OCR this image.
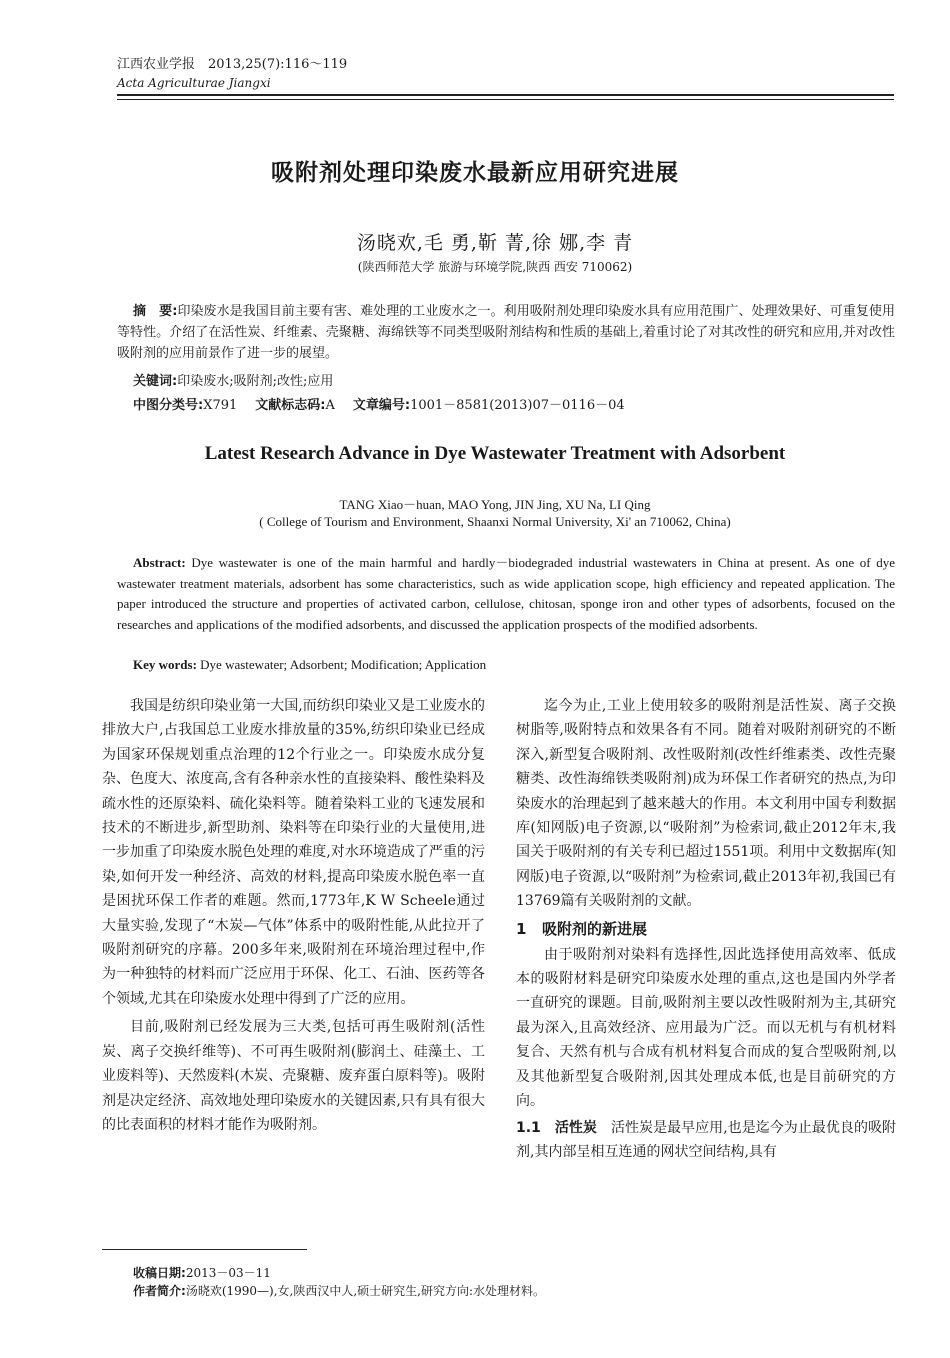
江西农业学报　2013,25(7):116～119
Acta Agriculturae Jiangxi
吸附剂处理印染废水最新应用研究进展
汤晓欢,毛 勇,靳 菁,徐 娜,李 青
(陕西师范大学 旅游与环境学院,陕西 西安 710062)
摘　要:印染废水是我国目前主要有害、难处理的工业废水之一。利用吸附剂处理印染废水具有应用范围广、处理效果好、可重复使用等特性。介绍了在活性炭、纤维素、壳聚糖、海绵铁等不同类型吸附剂结构和性质的基础上,着重讨论了对其改性的研究和应用,并对改性吸附剂的应用前景作了进一步的展望。
关键词:印染废水;吸附剂;改性;应用
中图分类号:X791 文献标志码:A 文章编号:1001－8581(2013)07－0116－04
Latest Research Advance in Dye Wastewater Treatment with Adsorbent
TANG Xiao－huan, MAO Yong, JIN Jing, XU Na, LI Qing
( College of Tourism and Environment, Shaanxi Normal University, Xi' an 710062, China)
Abstract: Dye wastewater is one of the main harmful and hardly－biodegraded industrial wastewaters in China at present. As one of dye wastewater treatment materials, adsorbent has some characteristics, such as wide application scope, high efficiency and repeated application. The paper introduced the structure and properties of activated carbon, cellulose, chitosan, sponge iron and other types of adsorbents, focused on the researches and applications of the modified adsorbents, and discussed the application prospects of the modified adsorbents.
Key words: Dye wastewater; Adsorbent; Modification; Application

我国是纺织印染业第一大国,而纺织印染业又是工业废水的排放大户,占我国总工业废水排放量的35%,纺织印染业已经成为国家环保规划重点治理的12个行业之一。印染废水成分复杂、色度大、浓度高,含有各种亲水性的直接染料、酸性染料及疏水性的还原染料、硫化染料等。随着染料工业的飞速发展和技术的不断进步,新型助剂、染料等在印染行业的大量使用,进一步加重了印染废水脱色处理的难度,对水环境造成了严重的污染,如何开发一种经济、高效的材料,提高印染废水脱色率一直是困扰环保工作者的难题。然而,1773年,K W Scheele通过大量实验,发现了“木炭—气体”体系中的吸附性能,从此拉开了吸附剂研究的序幕。200多年来,吸附剂在环境治理过程中,作为一种独特的材料而广泛应用于环保、化工、石油、医药等各个领域,尤其在印染废水处理中得到了广泛的应用。

目前,吸附剂已经发展为三大类,包括可再生吸附剂(活性炭、离子交换纤维等)、不可再生吸附剂(膨润土、硅藻土、工业废料等)、天然废料(木炭、壳聚糖、废弃蛋白原料等)。吸附剂是决定经济、高效地处理印染废水的关键因素,只有具有很大的比表面积的材料才能作为吸附剂。

迄今为止,工业上使用较多的吸附剂是活性炭、离子交换树脂等,吸附特点和效果各有不同。随着对吸附剂研究的不断深入,新型复合吸附剂、改性吸附剂(改性纤维素类、改性壳聚糖类、改性海绵铁类吸附剂)成为环保工作者研究的热点,为印染废水的治理起到了越来越大的作用。本文利用中国专利数据库(知网版)电子资源,以“吸附剂”为检索词,截止2012年末,我国关于吸附剂的有关专利已超过1551项。利用中文数据库(知网版)电子资源,以“吸附剂”为检索词,截止2013年初,我国已有13769篇有关吸附剂的文献。

1 吸附剂的新进展

由于吸附剂对染料有选择性,因此选择使用高效率、低成本的吸附材料是研究印染废水处理的重点,这也是国内外学者一直研究的课题。目前,吸附剂主要以改性吸附剂为主,其研究最为深入,且高效经济、应用最为广泛。而以无机与有机材料复合、天然有机与合成有机材料复合而成的复合型吸附剂,以及其他新型复合吸附剂,因其处理成本低,也是目前研究的方向。

1.1　活性炭　活性炭是最早应用,也是迄今为止最优良的吸附剂,其内部呈相互连通的网状空间结构,具有

收稿日期:2013－03－11
作者简介:汤晓欢(1990—),女,陕西汉中人,硕士研究生,研究方向:水处理材料。
